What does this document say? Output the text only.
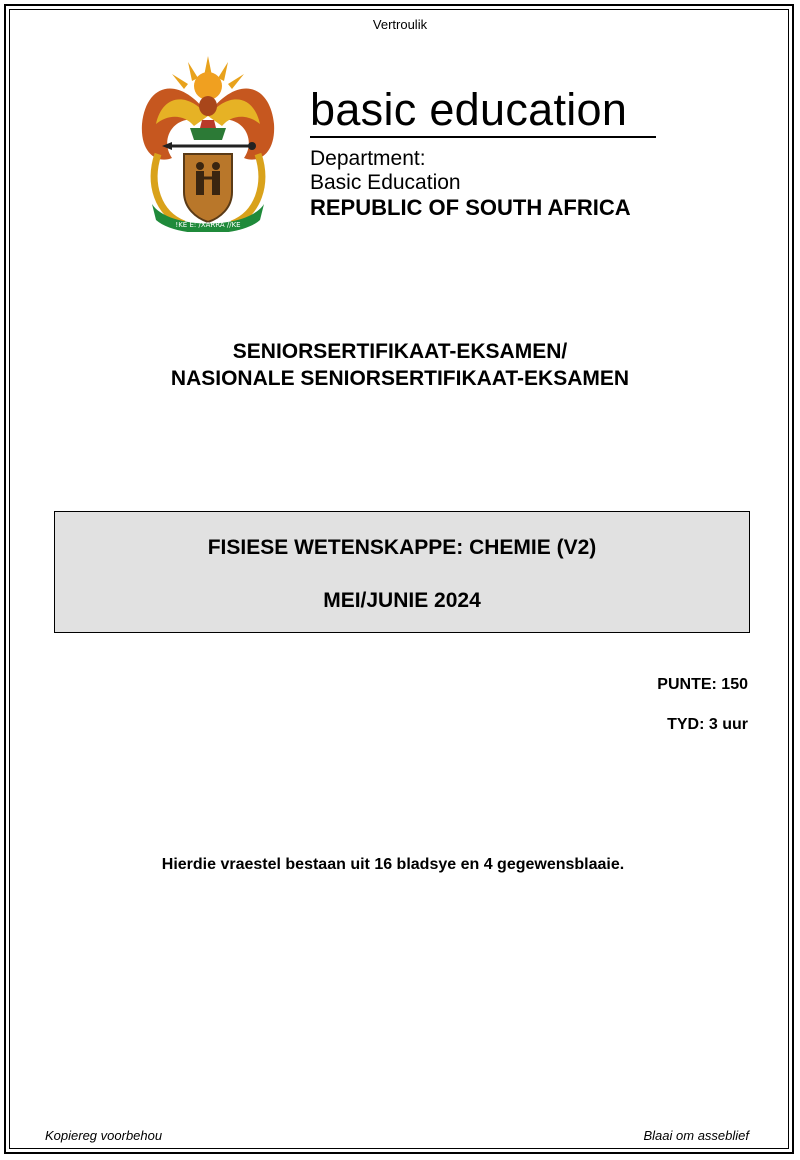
Vertroulik
!KE E: /XARRA //KE
basic education
Department:
Basic Education
REPUBLIC OF SOUTH AFRICA
SENIORSERTIFIKAAT-EKSAMEN/
NASIONALE SENIORSERTIFIKAAT-EKSAMEN
FISIESE WETENSKAPPE: CHEMIE (V2)
MEI/JUNIE 2024
PUNTE: 150
TYD: 3 uur
Hierdie vraestel bestaan uit 16 bladsye en 4 gegewensblaaie.
Kopiereg voorbehou	Blaai om asseblief
